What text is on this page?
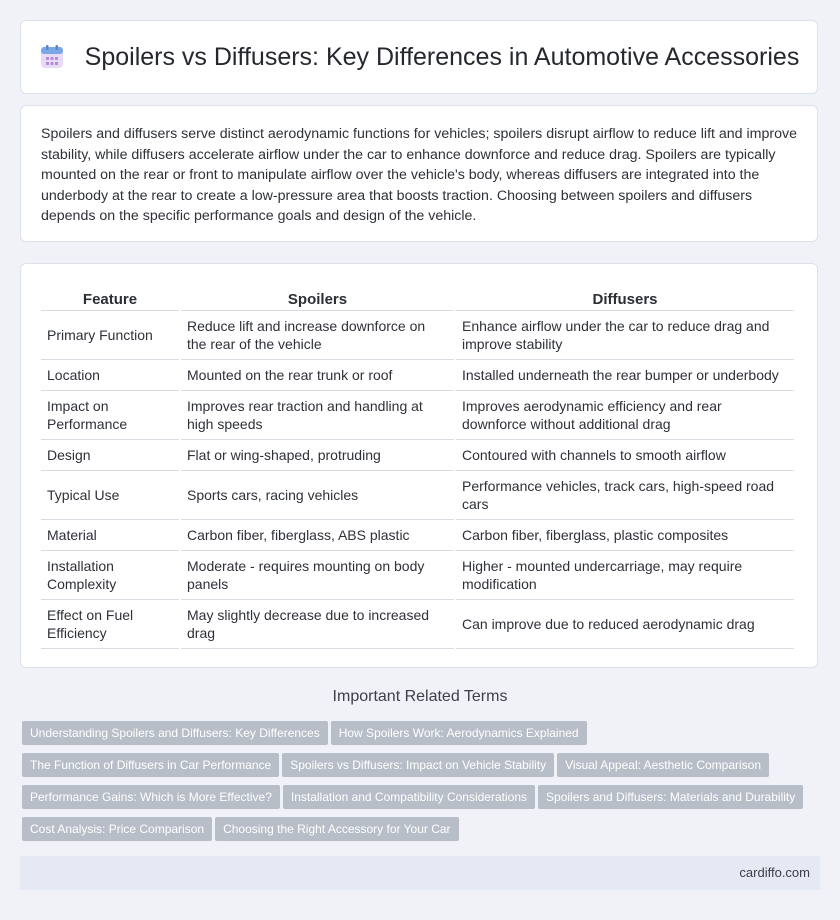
Spoilers vs Diffusers: Key Differences in Automotive Accessories

Spoilers and diffusers serve distinct aerodynamic functions for vehicles; spoilers disrupt airflow to reduce lift and improve stability, while diffusers accelerate airflow under the car to enhance downforce and reduce drag. Spoilers are typically mounted on the rear or front to manipulate airflow over the vehicle's body, whereas diffusers are integrated into the underbody at the rear to create a low-pressure area that boosts traction. Choosing between spoilers and diffusers depends on the specific performance goals and design of the vehicle.

Feature	Spoilers	Diffusers
Primary Function	Reduce lift and increase downforce on the rear of the vehicle	Enhance airflow under the car to reduce drag and improve stability
Location	Mounted on the rear trunk or roof	Installed underneath the rear bumper or underbody
Impact on Performance	Improves rear traction and handling at high speeds	Improves aerodynamic efficiency and rear downforce without additional drag
Design	Flat or wing-shaped, protruding	Contoured with channels to smooth airflow
Typical Use	Sports cars, racing vehicles	Performance vehicles, track cars, high-speed road cars
Material	Carbon fiber, fiberglass, ABS plastic	Carbon fiber, fiberglass, plastic composites
Installation Complexity	Moderate - requires mounting on body panels	Higher - mounted undercarriage, may require modification
Effect on Fuel Efficiency	May slightly decrease due to increased drag	Can improve due to reduced aerodynamic drag
Important Related Terms
Understanding Spoilers and Diffusers: Key Differences How Spoilers Work: Aerodynamics Explained
The Function of Diffusers in Car Performance Spoilers vs Diffusers: Impact on Vehicle Stability Visual Appeal: Aesthetic Comparison
Performance Gains: Which is More Effective? Installation and Compatibility Considerations Spoilers and Diffusers: Materials and Durability
Cost Analysis: Price Comparison Choosing the Right Accessory for Your Car
cardiffo.com
